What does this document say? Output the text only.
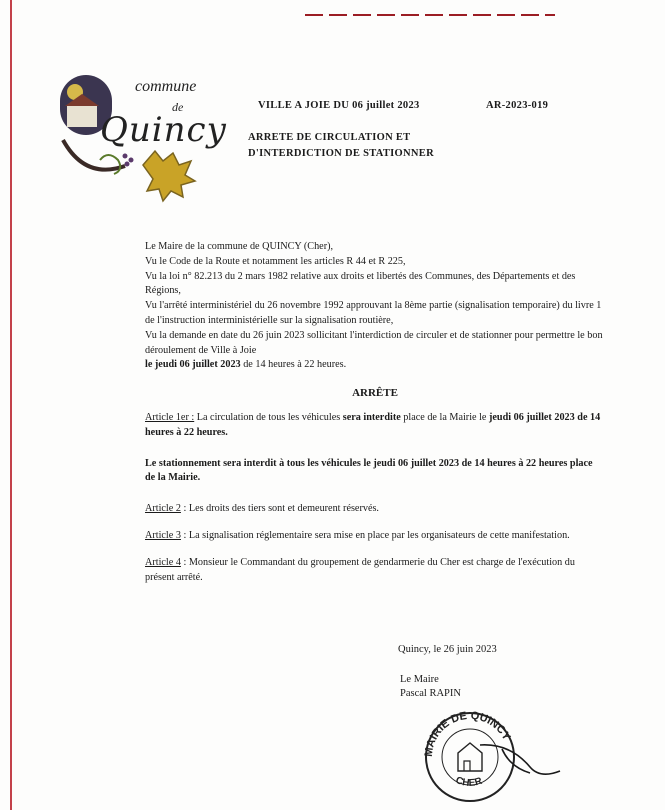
commune
de
Quincy
VILLE A JOIE DU 06 juillet 2023	AR-2023-019
ARRETE DE CIRCULATION ET
D'INTERDICTION DE STATIONNER

Le Maire de la commune de QUINCY (Cher),

Vu le Code de la Route et notamment les articles R 44 et R 225,

Vu la loi n° 82.213 du 2 mars 1982 relative aux droits et libertés des Communes, des Départements et des Régions,

Vu l'arrêté interministériel du 26 novembre 1992 approuvant la 8ème partie (signalisation temporaire) du livre 1 de l'instruction interministérielle sur la signalisation routière,

Vu la demande en date du 26 juin 2023 sollicitant l'interdiction de circuler et de stationner pour permettre le bon déroulement de Ville à Joie

le jeudi 06 juillet 2023 de 14 heures à 22 heures.

ARRÊTE

Article 1er : La circulation de tous les véhicules sera interdite place de la Mairie le jeudi 06 juillet 2023 de 14 heures à 22 heures.

Le stationnement sera interdit à tous les véhicules le jeudi 06 juillet 2023 de 14 heures à 22 heures place de la Mairie.

Article 2 : Les droits des tiers sont et demeurent réservés.

Article 3 : La signalisation réglementaire sera mise en place par les organisateurs de cette manifestation.

Article 4 : Monsieur le Commandant du groupement de gendarmerie du Cher est charge de l'exécution du présent arrêté.

Quincy, le 26 juin 2023
Le Maire
Pascal RAPIN
MAIRIE DE QUINCY
CHER
